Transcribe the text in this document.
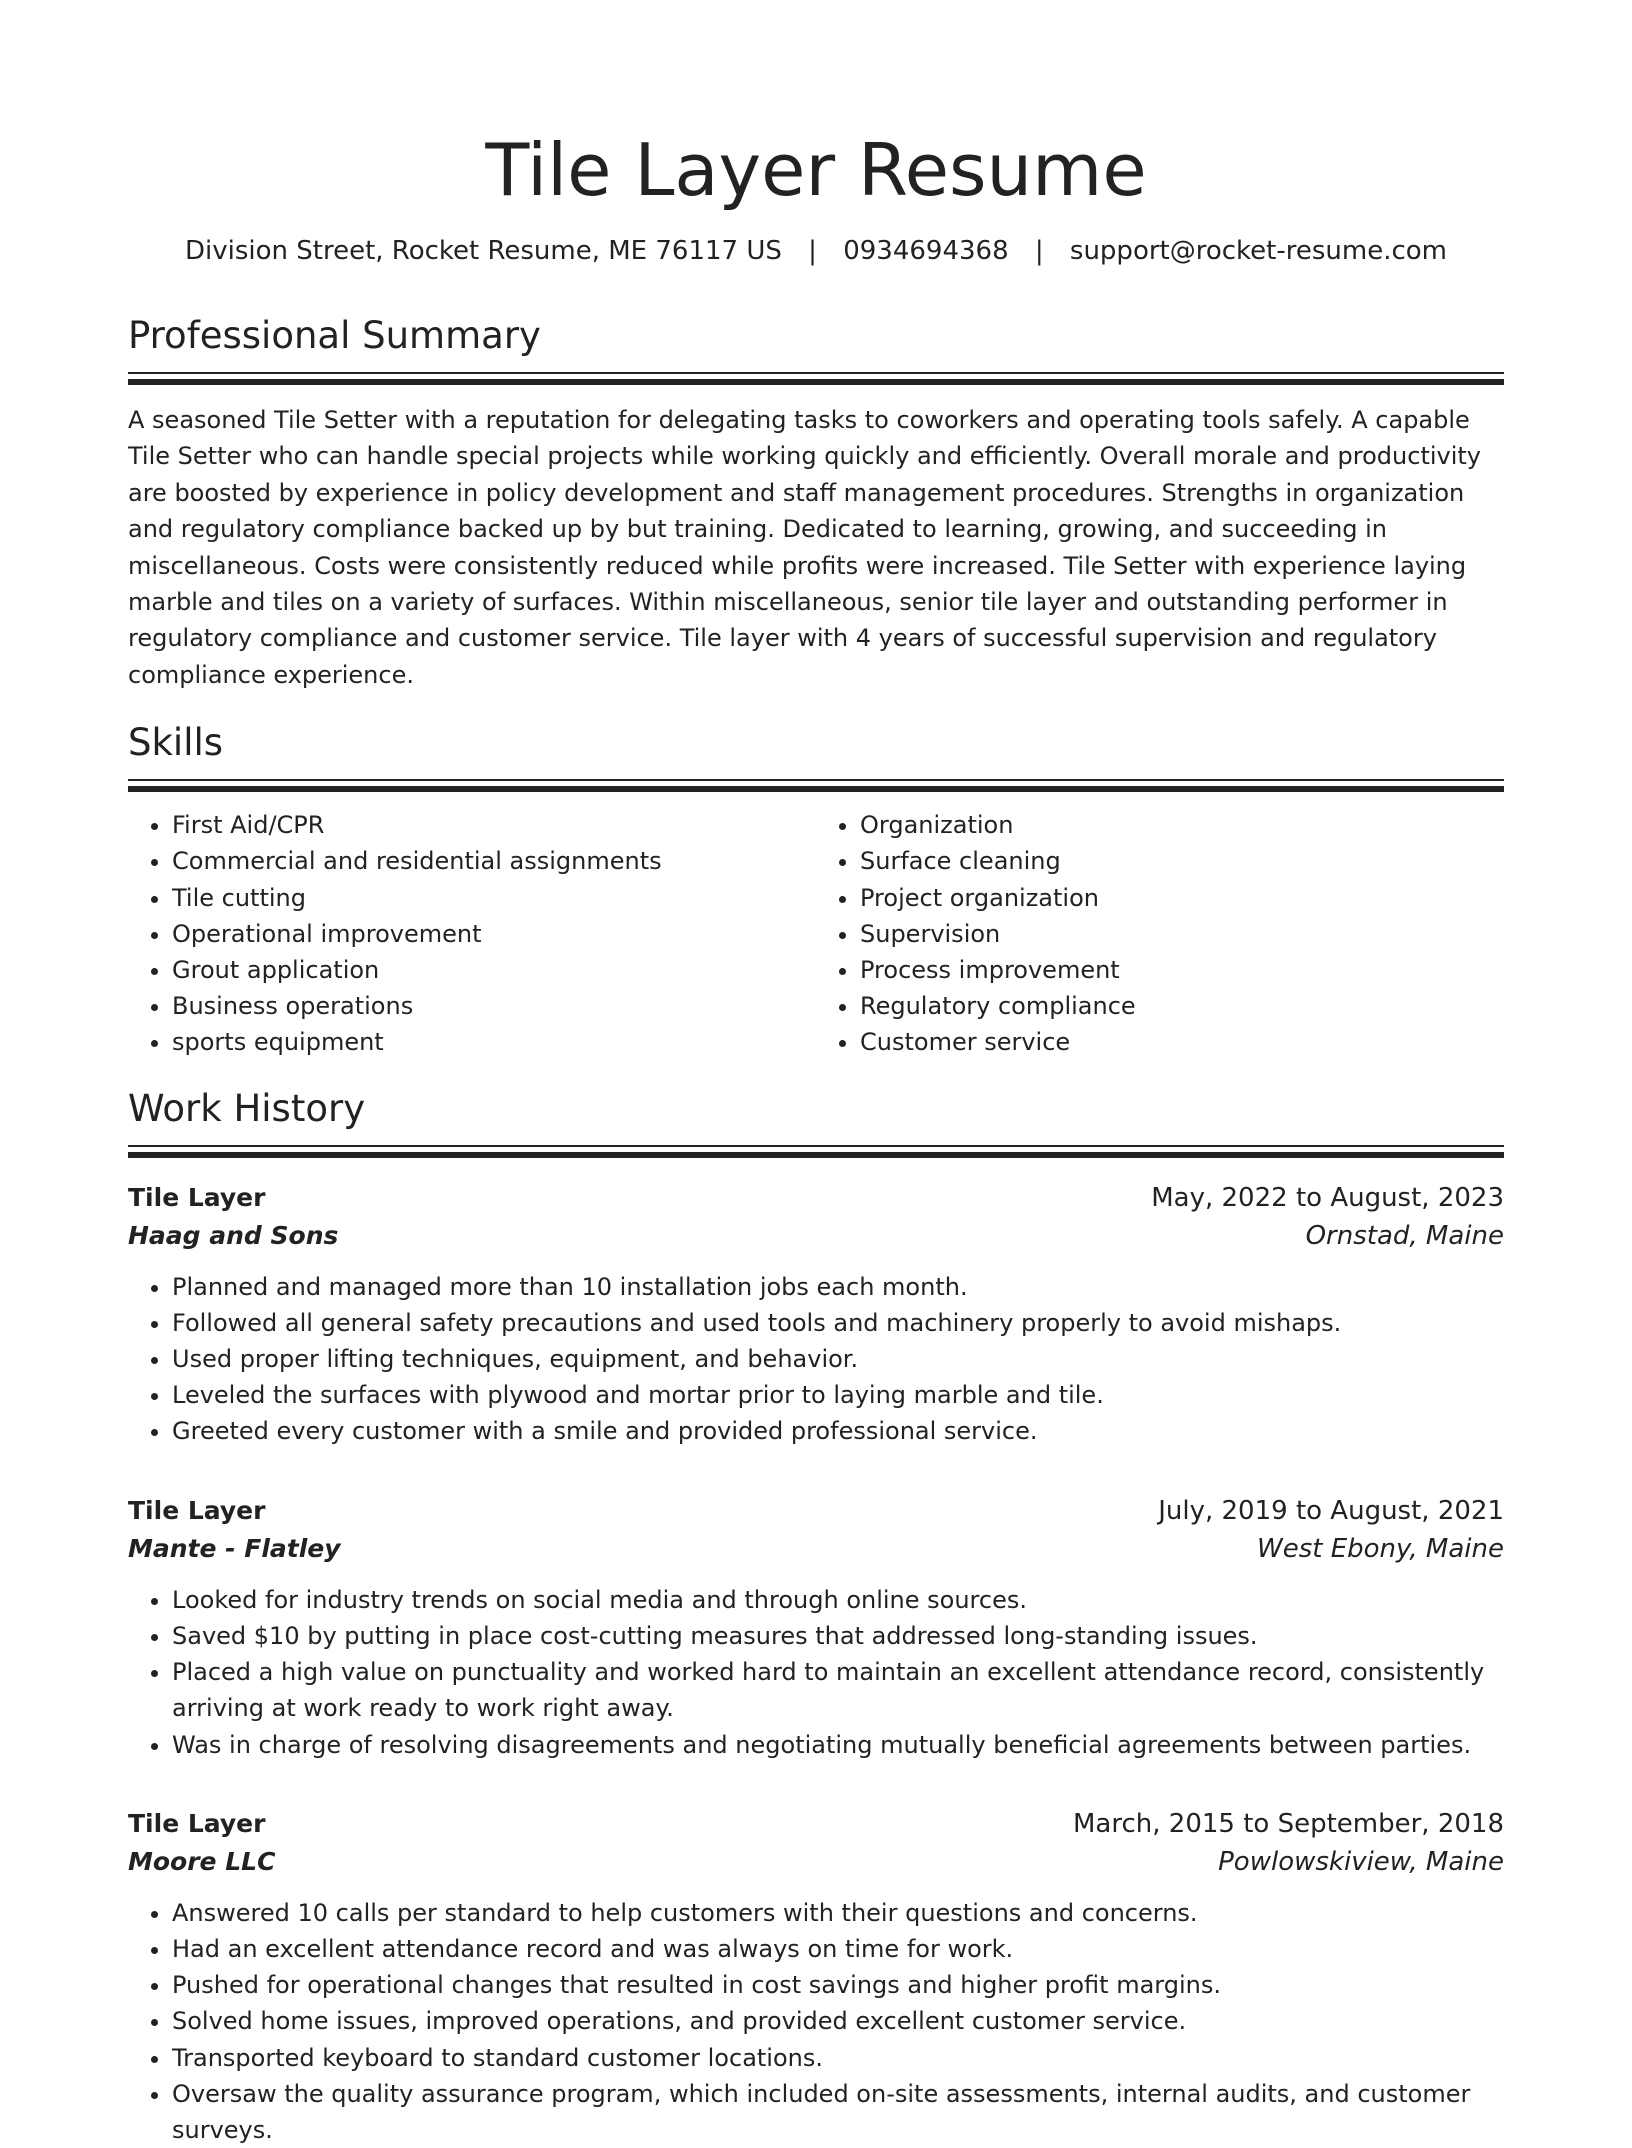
Tile Layer Resume
Division Street, Rocket Resume, ME 76117 US | 0934694368 | support@rocket-resume.com
Professional Summary

A seasoned Tile Setter with a reputation for delegating tasks to coworkers and operating tools safely. A capable Tile Setter who can handle special projects while working quickly and efficiently. Overall morale and productivity are boosted by experience in policy development and staff management procedures. Strengths in organization and regulatory compliance backed up by but training. Dedicated to learning, growing, and succeeding in miscellaneous. Costs were consistently reduced while profits were increased. Tile Setter with experience laying marble and tiles on a variety of surfaces. Within miscellaneous, senior tile layer and outstanding performer in regulatory compliance and customer service. Tile layer with 4 years of successful supervision and regulatory compliance experience.

Skills
• First Aid/CPR
• Commercial and residential assignments
• Tile cutting
• Operational improvement
• Grout application
• Business operations
• sports equipment
• Organization
• Surface cleaning
• Project organization
• Supervision
• Process improvement
• Regulatory compliance
• Customer service
Work History
Tile Layer	May, 2022 to August, 2023
Haag and Sons	Ornstad, Maine
• Planned and managed more than 10 installation jobs each month.
• Followed all general safety precautions and used tools and machinery properly to avoid mishaps.
• Used proper lifting techniques, equipment, and behavior.
• Leveled the surfaces with plywood and mortar prior to laying marble and tile.
• Greeted every customer with a smile and provided professional service.
Tile Layer	July, 2019 to August, 2021
Mante - Flatley	West Ebony, Maine
• Looked for industry trends on social media and through online sources.
• Saved $10 by putting in place cost-cutting measures that addressed long-standing issues.
• Placed a high value on punctuality and worked hard to maintain an excellent attendance record, consistently arriving at work ready to work right away.
• Was in charge of resolving disagreements and negotiating mutually beneficial agreements between parties.
Tile Layer	March, 2015 to September, 2018
Moore LLC	Powlowskiview, Maine
• Answered 10 calls per standard to help customers with their questions and concerns.
• Had an excellent attendance record and was always on time for work.
• Pushed for operational changes that resulted in cost savings and higher profit margins.
• Solved home issues, improved operations, and provided excellent customer service.
• Transported keyboard to standard customer locations.
• Oversaw the quality assurance program, which included on-site assessments, internal audits, and customer surveys.
